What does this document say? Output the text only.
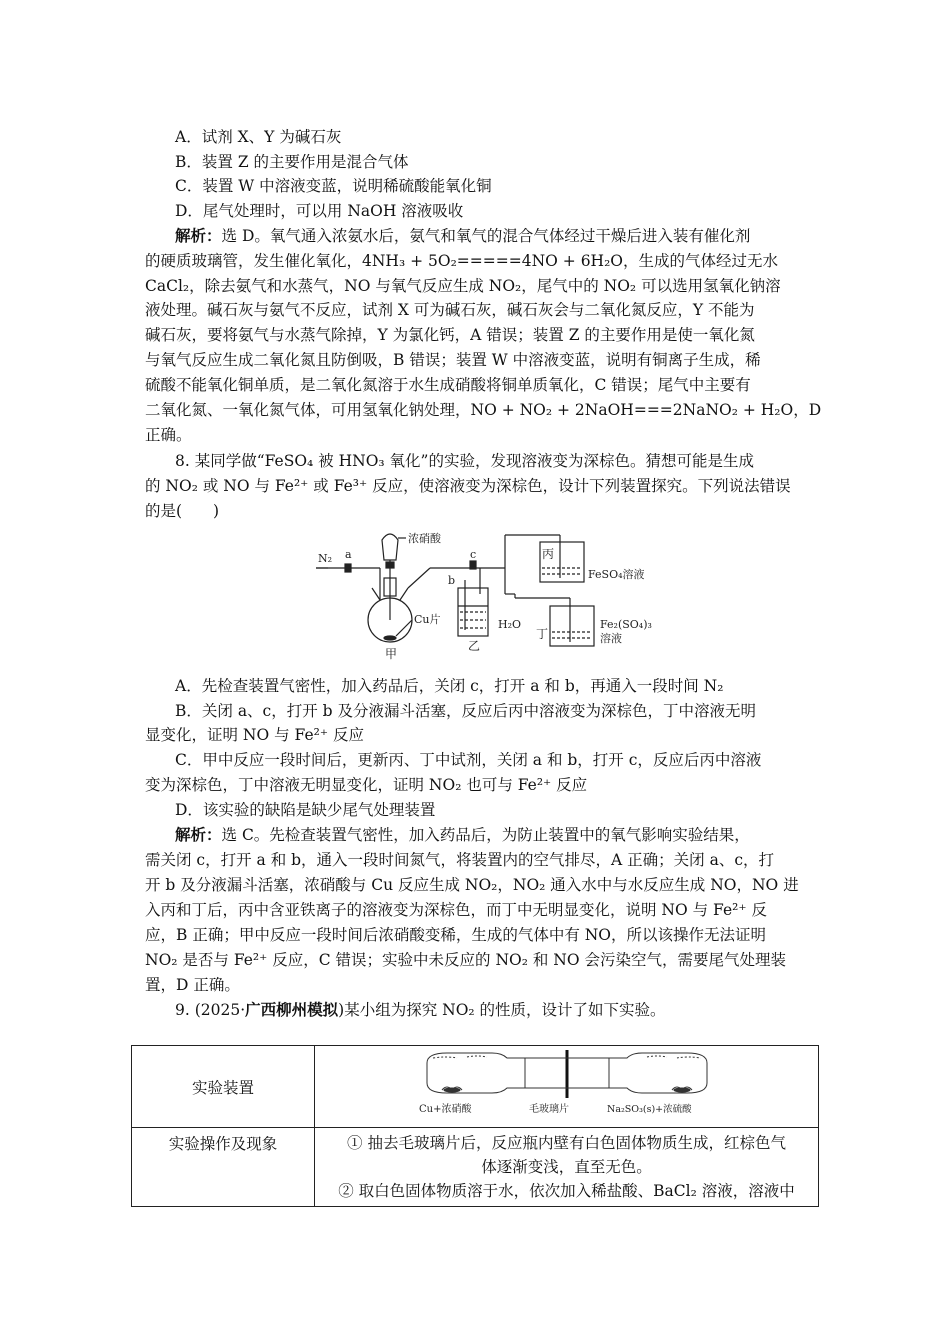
A．试剂 X、Y 为碱石灰
B．装置 Z 的主要作用是混合气体
C．装置 W 中溶液变蓝，说明稀硫酸能氧化铜
D．尾气处理时，可以用 NaOH 溶液吸收
解析：选 D。氧气通入浓氨水后，氨气和氧气的混合气体经过干燥后进入装有催化剂
的硬质玻璃管，发生催化氧化，4NH₃ + 5O₂=====4NO + 6H₂O，生成的气体经过无水
CaCl₂，除去氨气和水蒸气，NO 与氧气反应生成 NO₂，尾气中的 NO₂ 可以选用氢氧化钠溶
液处理。碱石灰与氨气不反应，试剂 X 可为碱石灰，碱石灰会与二氧化氮反应，Y 不能为
碱石灰，要将氨气与水蒸气除掉，Y 为氯化钙，A 错误；装置 Z 的主要作用是使一氧化氮
与氧气反应生成二氧化氮且防倒吸，B 错误；装置 W 中溶液变蓝，说明有铜离子生成，稀
硫酸不能氧化铜单质，是二氧化氮溶于水生成硝酸将铜单质氧化，C 错误；尾气中主要有
二氧化氮、一氧化氮气体，可用氢氧化钠处理，NO + NO₂ + 2NaOH===2NaNO₂ + H₂O，D
正确。
8. 某同学做“FeSO₄ 被 HNO₃ 氧化”的实验，发现溶液变为深棕色。猜想可能是生成
的 NO₂ 或 NO 与 Fe²⁺ 或 Fe³⁺ 反应，使溶液变为深棕色，设计下列装置探究。下列说法错误
的是(　　)
N₂ a
浓硝酸
Cu片
甲
b
c
H₂O
乙
丙
FeSO₄溶液
丁
Fe₂(SO₄)₃
溶液
A．先检查装置气密性，加入药品后，关闭 c，打开 a 和 b，再通入一段时间 N₂
B．关闭 a、c，打开 b 及分液漏斗活塞，反应后丙中溶液变为深棕色，丁中溶液无明
显变化，证明 NO 与 Fe²⁺ 反应
C．甲中反应一段时间后，更新丙、丁中试剂，关闭 a 和 b，打开 c，反应后丙中溶液
变为深棕色，丁中溶液无明显变化，证明 NO₂ 也可与 Fe²⁺ 反应
D．该实验的缺陷是缺少尾气处理装置
解析：选 C。先检查装置气密性，加入药品后，为防止装置中的氧气影响实验结果，
需关闭 c，打开 a 和 b，通入一段时间氮气，将装置内的空气排尽，A 正确；关闭 a、c，打
开 b 及分液漏斗活塞，浓硝酸与 Cu 反应生成 NO₂，NO₂ 通入水中与水反应生成 NO，NO 进
入丙和丁后，丙中含亚铁离子的溶液变为深棕色，而丁中无明显变化，说明 NO 与 Fe²⁺ 反
应，B 正确；甲中反应一段时间后浓硝酸变稀，生成的气体中有 NO，所以该操作无法证明
NO₂ 是否与 Fe²⁺ 反应，C 错误；实验中未反应的 NO₂ 和 NO 会污染空气，需要尾气处理装
置，D 正确。
9. (2025·广西柳州模拟)某小组为探究 NO₂ 的性质，设计了如下实验。
实验装置	Cu+浓硝酸 毛玻璃片 Na₂SO₃(s)+浓硫酸

实验操作及现象	① 抽去毛玻璃片后，反应瓶内壁有白色固体物质生成，红棕色气
体逐渐变浅，直至无色。
② 取白色固体物质溶于水，依次加入稀盐酸、BaCl₂ 溶液，溶液中
